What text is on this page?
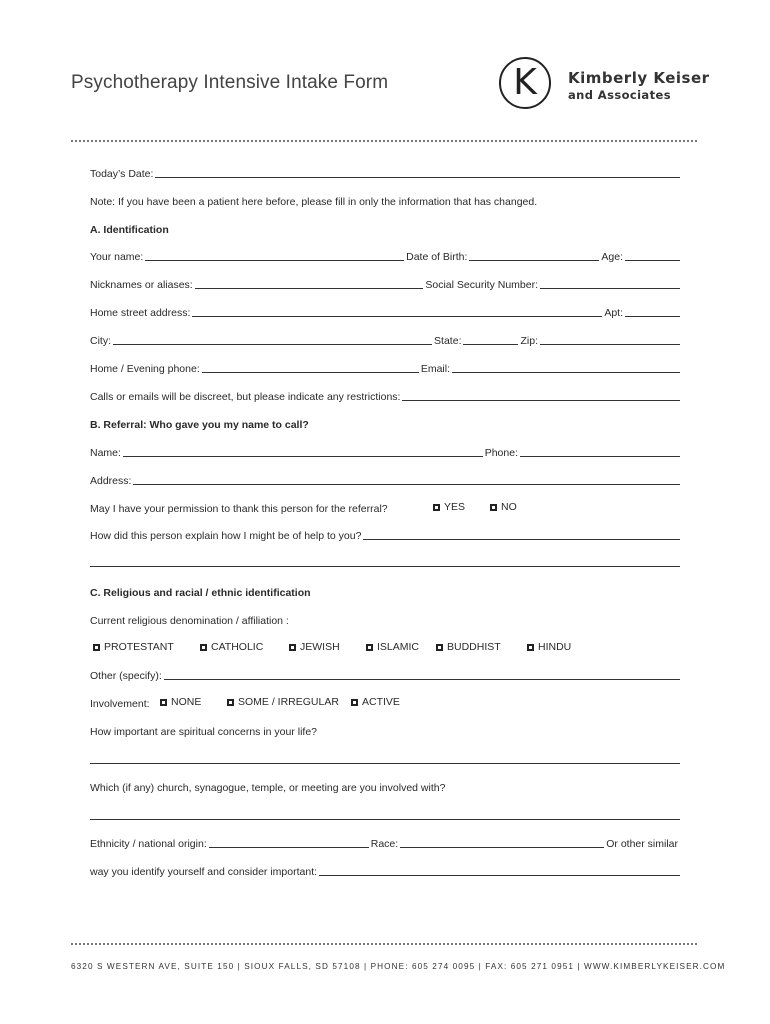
Psychotherapy Intensive Intake Form	K Kimberly Keiser
and Associates
Today’s Date:
Note: If you have been a patient here before, please fill in only the information that has changed.
A. Identification
Your name:	Date of Birth:	Age:
Nicknames or aliases:	Social Security Number:
Home street address:	Apt:
City:	State:	Zip:
Home / Evening phone:	Email:
Calls or emails will be discreet, but please indicate any restrictions:
B. Referral: Who gave you my name to call?
Name:	Phone:
Address:
May I have your permission to thank this person for the referral?	YES	NO
How did this person explain how I might be of help to you?
C. Religious and racial / ethnic identification
Current religious denomination / affiliation :
PROTESTANT	CATHOLIC	JEWISH	ISLAMIC	BUDDHIST	HINDU
Other (specify):
Involvement:	NONE	SOME / IRREGULAR	ACTIVE
How important are spiritual concerns in your life?
Which (if any) church, synagogue, temple, or meeting are you involved with?
Ethnicity / national origin:	Race:	Or other similar
way you identify yourself and consider important:
6320 S WESTERN AVE, SUITE 150 | SIOUX FALLS, SD 57108 | PHONE: 605 274 0095 | FAX: 605 271 0951 | WWW.KIMBERLYKEISER.COM
